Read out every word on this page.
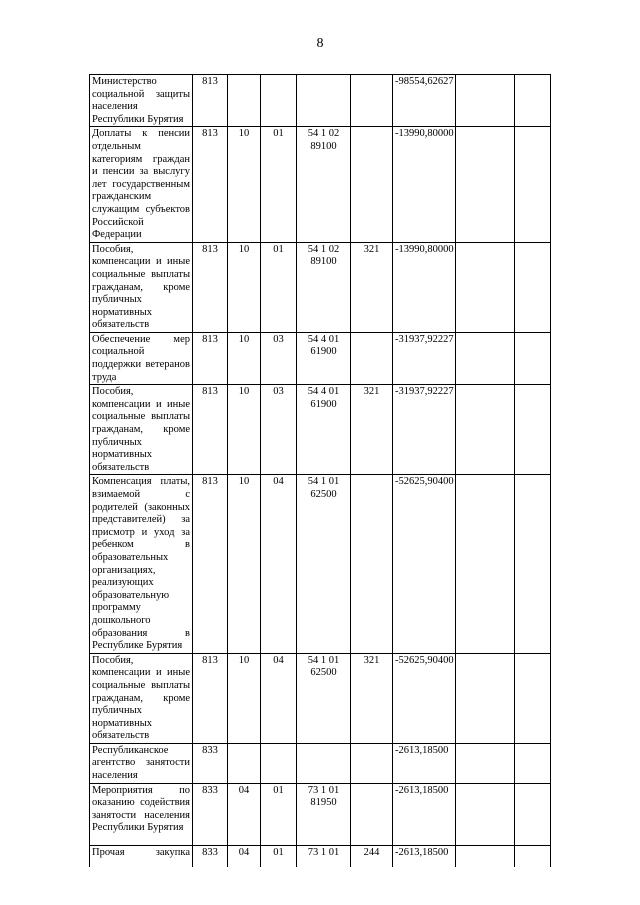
8
Министерство социальной защиты населения Республики Бурятия	813					-98554,62627		
Доплаты к пенсии отдельным категориям граждан и пенсии за выслугу лет государственным гражданским служащим субъектов Российской Федерации	813	10	01	54 1 02 89100		-13990,80000		
Пособия, компенсации и иные социальные выплаты гражданам, кроме публичных нормативных обязательств	813	10	01	54 1 02 89100	321	-13990,80000		
Обеспечение мер социальной поддержки ветеранов труда	813	10	03	54 4 01 61900		-31937,92227		
Пособия, компенсации и иные социальные выплаты гражданам, кроме публичных нормативных обязательств	813	10	03	54 4 01 61900	321	-31937,92227		
Компенсация платы, взимаемой с родителей (законных представителей) за присмотр и уход за ребенком в образовательных организациях, реализующих образовательную программу дошкольного образования в Республике Бурятия	813	10	04	54 1 01 62500		-52625,90400		
Пособия, компенсации и иные социальные выплаты гражданам, кроме публичных нормативных обязательств	813	10	04	54 1 01 62500	321	-52625,90400		
Республиканское агентство занятости населения	833					-2613,18500		
Мероприятия по оказанию содействия занятости населения Республики Бурятия	833	04	01	73 1 01 81950		-2613,18500		
Прочая закупка	833	04	01	73 1 01	244	-2613,18500		
